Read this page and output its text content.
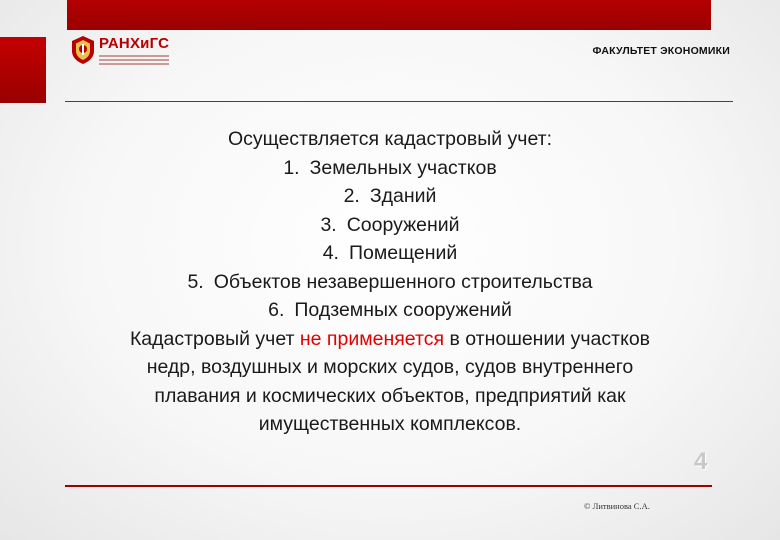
РАНХиГС	ФАКУЛЬТЕТ ЭКОНОМИКИ
Осуществляется кадастровый учет:
1. Земельных участков
2. Зданий
3. Сооружений
4. Помещений
5. Объектов незавершенного строительства
6. Подземных сооружений
Кадастровый учет не применяется в отношении участков
недр, воздушных и морских судов, судов внутреннего
плавания и космических объектов, предприятий как
имущественных комплексов.
4
© Литвинова С.А.
